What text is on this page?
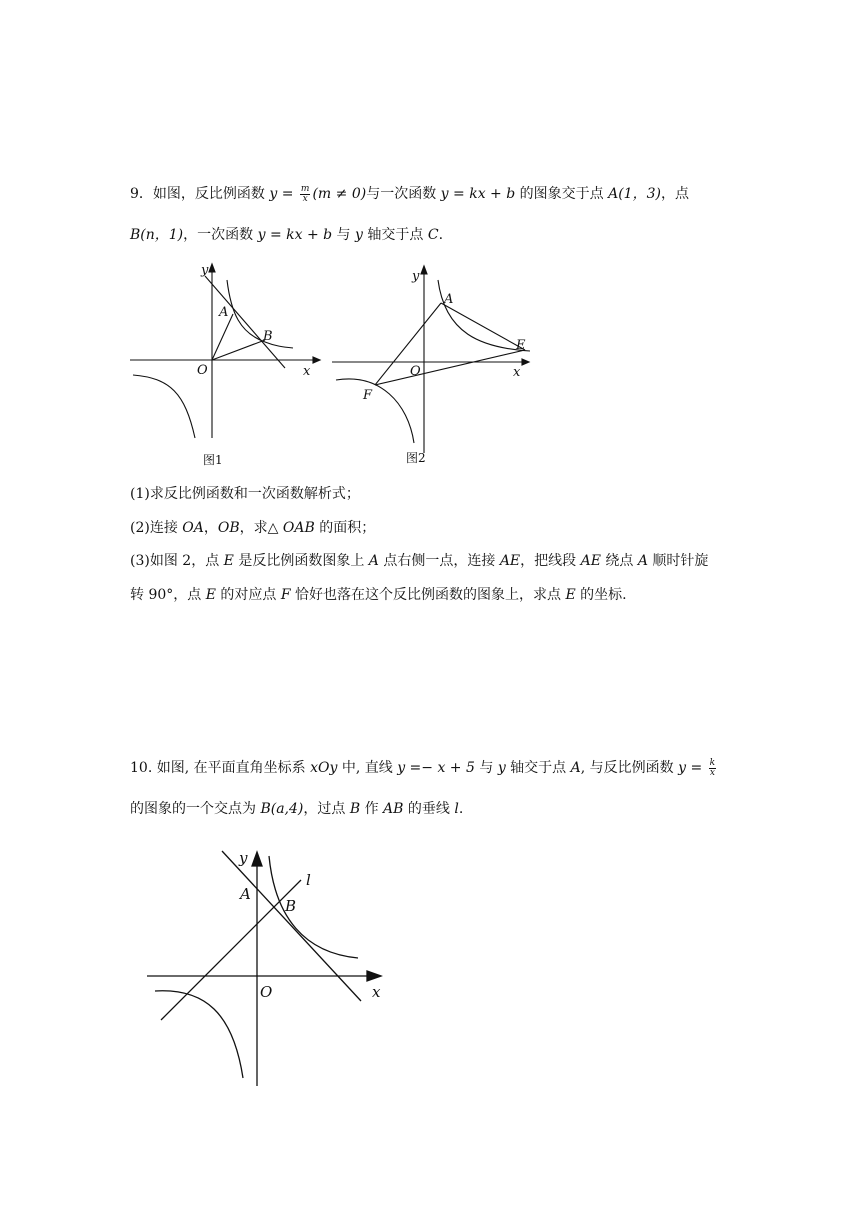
9．如图，反比例函数 $y = \frac{m}{x} (m \ne 0)$与一次函数 y = kx + b 的图象交于点 A(1，3)，点
B(n，1)，一次函数 y = kx + b 与 y 轴交于点 C.
y
x
O
A
B
图1
y
x
O
A
E
F
图2
(1)求反比例函数和一次函数解析式；
(2)连接 OA，OB，求△ OAB 的面积；
(3)如图 2，点 E 是反比例函数图象上 A 点右侧一点，连接 AE，把线段 AE 绕点 A 顺时针旋
转 90°，点 E 的对应点 F 恰好也落在这个反比例函数的图象上，求点 E 的坐标.
10. 如图, 在平面直角坐标系 xOy 中, 直线 y =− x + 5 与 y 轴交于点 A, 与反比例函数 $y = \frac{k}{x}$
的图象的一个交点为 B(a,4)，过点 B 作 AB 的垂线 l.
y
x
O
A
B
l
